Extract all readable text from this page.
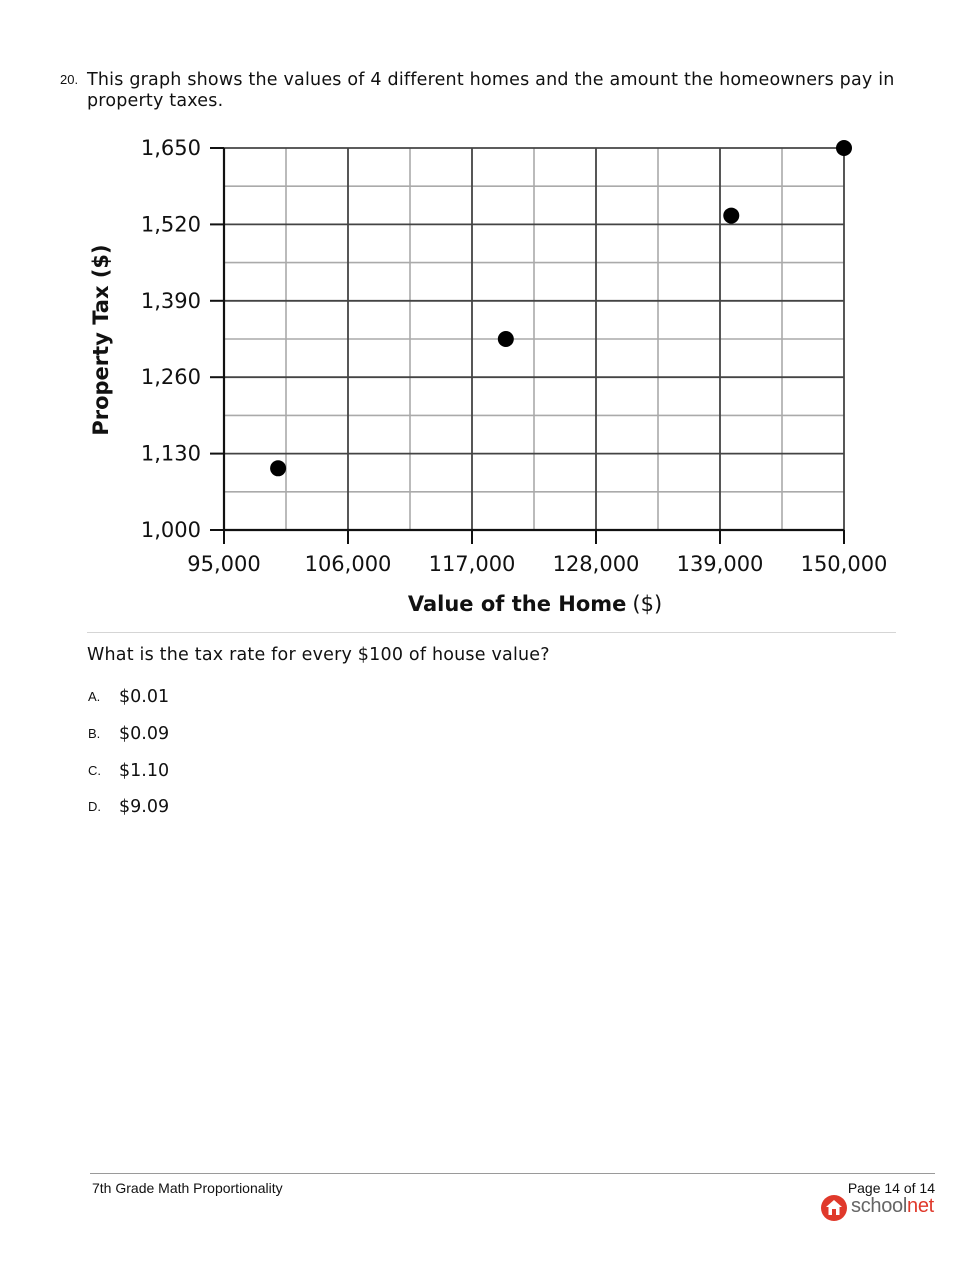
20. This graph shows the values of 4 different homes and the amount the homeowners pay in property taxes.
1,000
1,130
1,260
1,390
1,520
1,650
95,000 106,000 117,000 128,000 139,000 150,000
Property Tax ($)
Value of the Home ($)
What is the tax rate for every $100 of house value?
A. $0.01
B. $0.09
C. $1.10
D. $9.09
7th Grade Math Proportionality	Page 14 of 14
schoolnet
